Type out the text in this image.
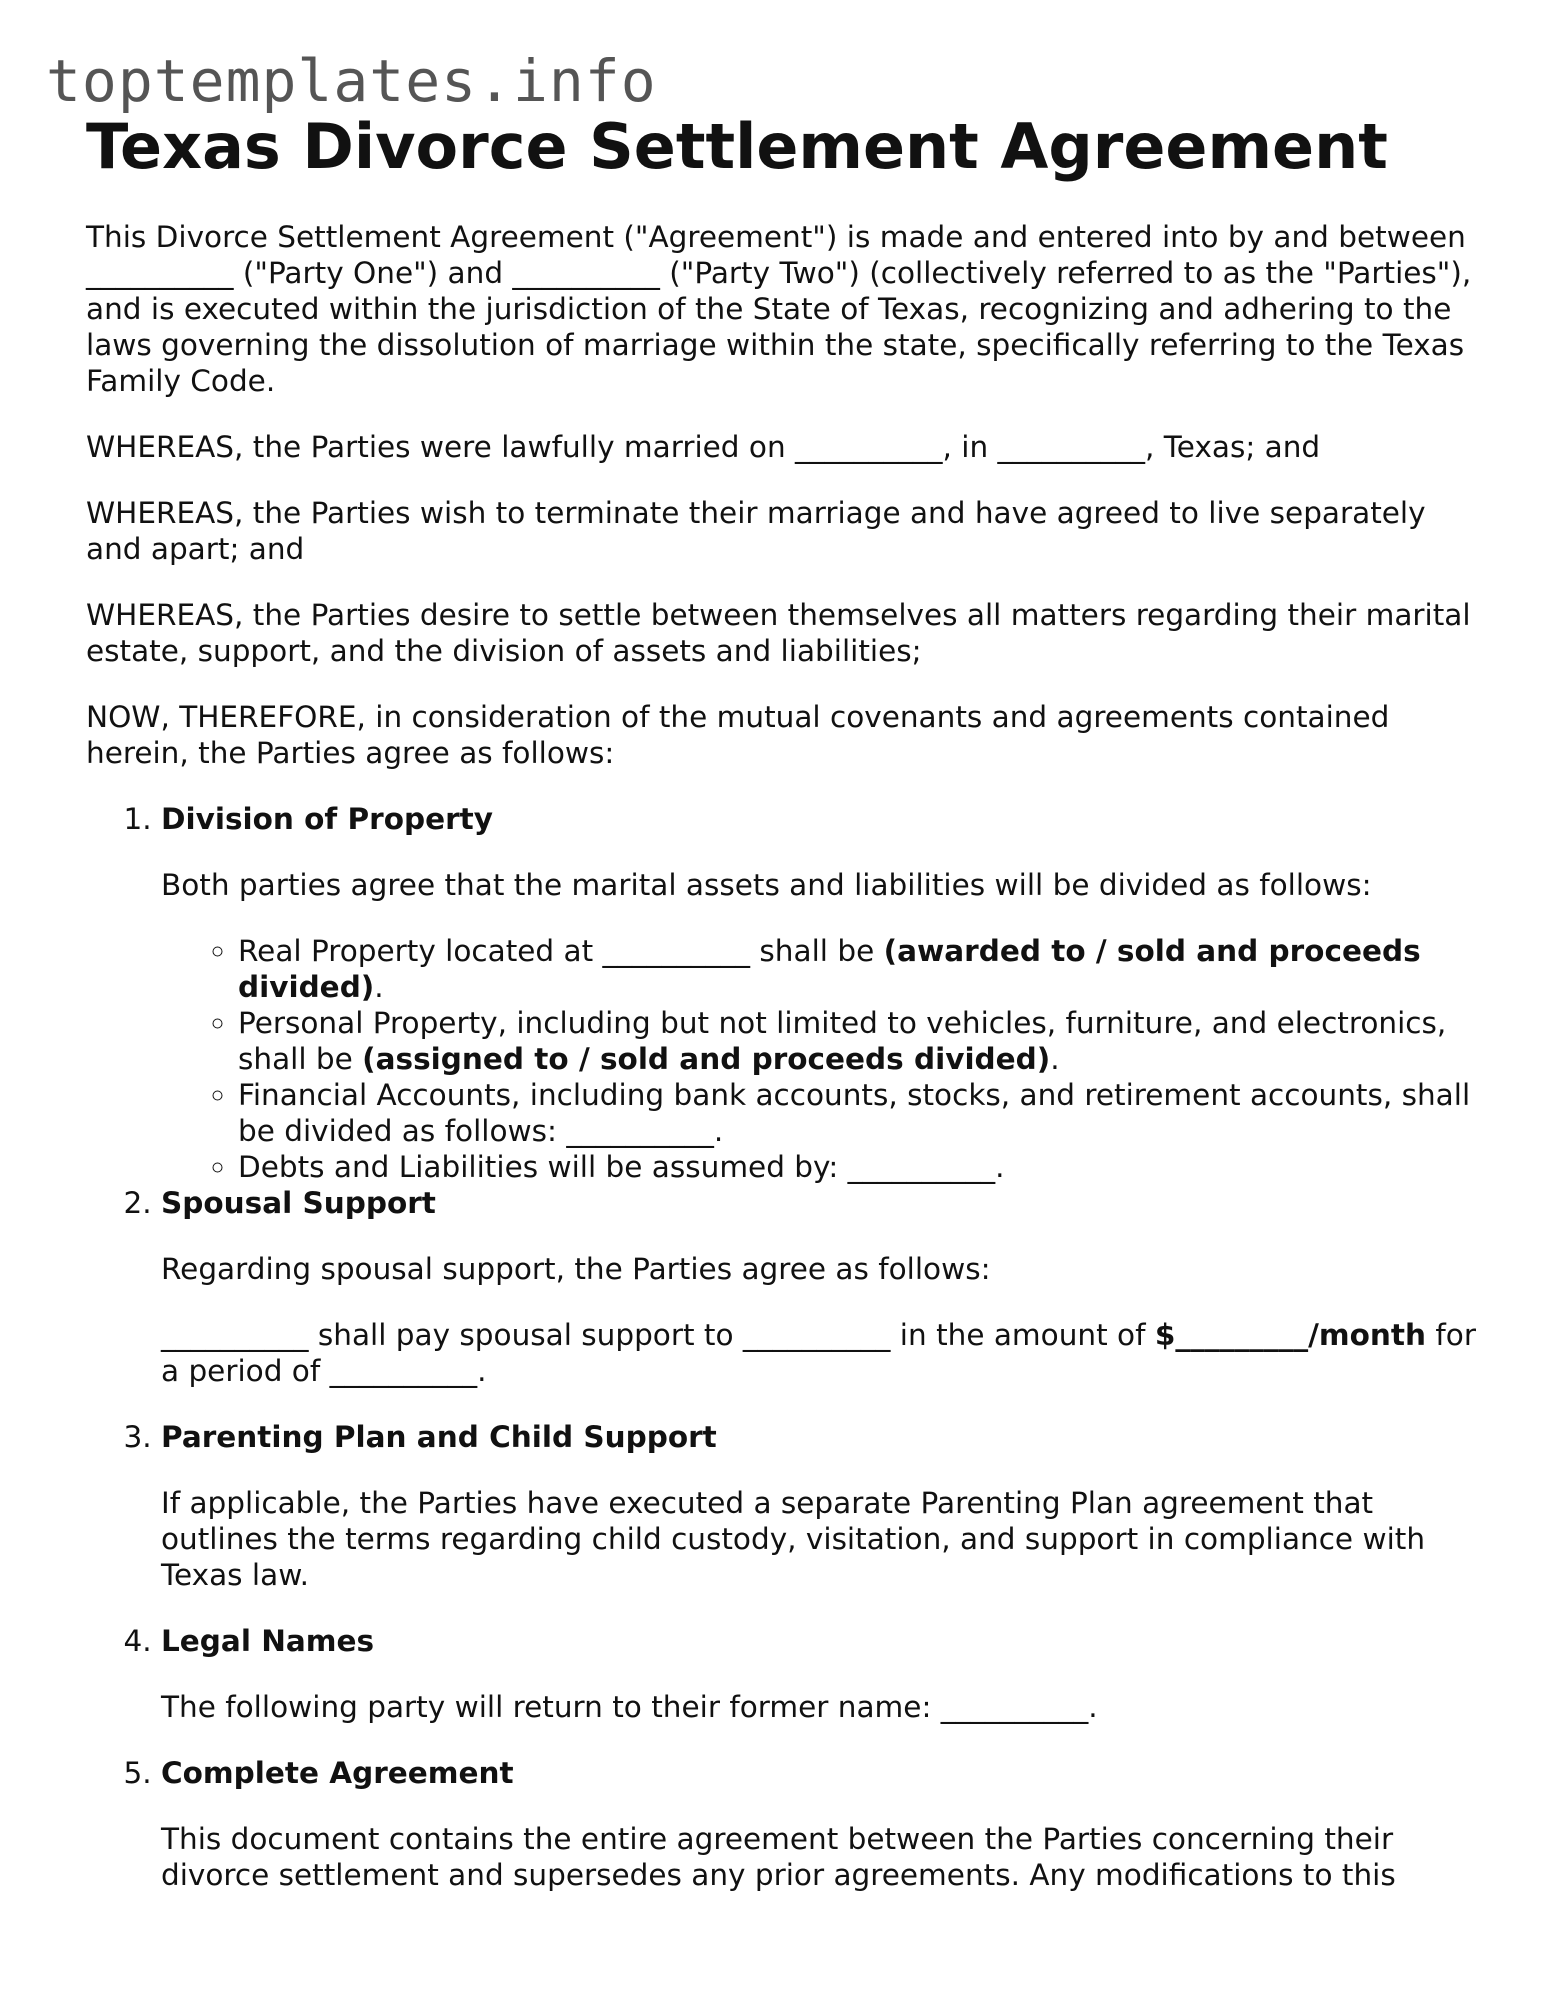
toptemplates.info
Texas Divorce Settlement Agreement

This Divorce Settlement Agreement ("Agreement") is made and entered into by and between __________ ("Party One") and __________ ("Party Two") (collectively referred to as the "Parties"), and is executed within the jurisdiction of the State of Texas, recognizing and adhering to the laws governing the dissolution of marriage within the state, specifically referring to the Texas Family Code.

WHEREAS, the Parties were lawfully married on __________, in __________, Texas; and

WHEREAS, the Parties wish to terminate their marriage and have agreed to live separately and apart; and

WHEREAS, the Parties desire to settle between themselves all matters regarding their marital estate, support, and the division of assets and liabilities;

NOW, THEREFORE, in consideration of the mutual covenants and agreements contained herein, the Parties agree as follows:

1. Division of Property

Both parties agree that the marital assets and liabilities will be divided as follows:

◦ Real Property located at __________ shall be (awarded to / sold and proceeds divided).
◦ Personal Property, including but not limited to vehicles, furniture, and electronics, shall be (assigned to / sold and proceeds divided).
◦ Financial Accounts, including bank accounts, stocks, and retirement accounts, shall be divided as follows: __________.
◦ Debts and Liabilities will be assumed by: __________.
2. Spousal Support

Regarding spousal support, the Parties agree as follows:

__________ shall pay spousal support to __________ in the amount of $_________/month for a period of __________.

3. Parenting Plan and Child Support

If applicable, the Parties have executed a separate Parenting Plan agreement that outlines the terms regarding child custody, visitation, and support in compliance with Texas law.

4. Legal Names

The following party will return to their former name: __________.

5. Complete Agreement

This document contains the entire agreement between the Parties concerning their divorce settlement and supersedes any prior agreements. Any modifications to this
